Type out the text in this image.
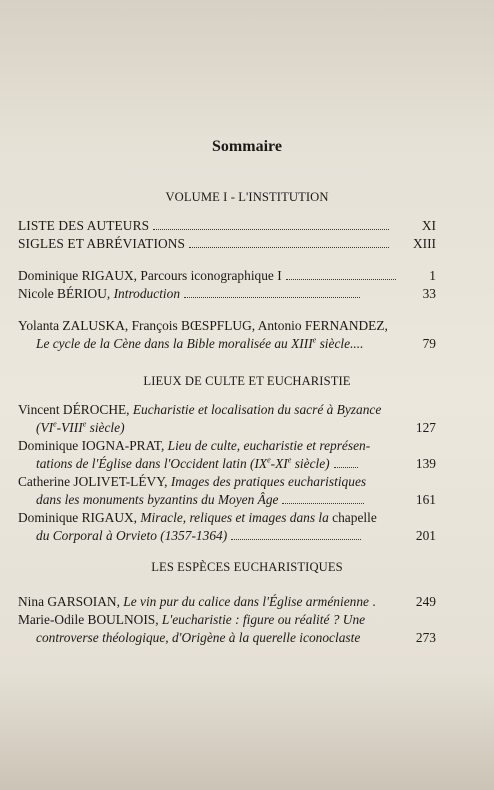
Sommaire
VOLUME I - L'INSTITUTION
LISTE DES AUTEURS	XI
SIGLES ET ABRÉVIATIONS	XIII
Dominique RIGAUX, Parcours iconographique I	1
Nicole BÉRIOU, Introduction	33
Yolanta ZALUSKA, François BŒSPFLUG, Antonio FERNANDEZ,
Le cycle de la Cène dans la Bible moralisée au XIIIe siècle....	79
LIEUX DE CULTE ET EUCHARISTIE
Vincent DÉROCHE, Eucharistie et localisation du sacré à Byzance
(VIe-VIIIe siècle)	127
Dominique IOGNA-PRAT, Lieu de culte, eucharistie et représen-
tations de l'Église dans l'Occident latin (IXe-XIe siècle)	139
Catherine JOLIVET-LÉVY, Images des pratiques eucharistiques
dans les monuments byzantins du Moyen Âge	161
Dominique RIGAUX, Miracle, reliques et images dans la chapelle
du Corporal à Orvieto (1357-1364)	201
LES ESPÈCES EUCHARISTIQUES
Nina GARSOIAN, Le vin pur du calice dans l'Église arménienne .	249
Marie-Odile BOULNOIS, L'eucharistie : figure ou réalité ? Une
controverse théologique, d'Origène à la querelle iconoclaste	273
